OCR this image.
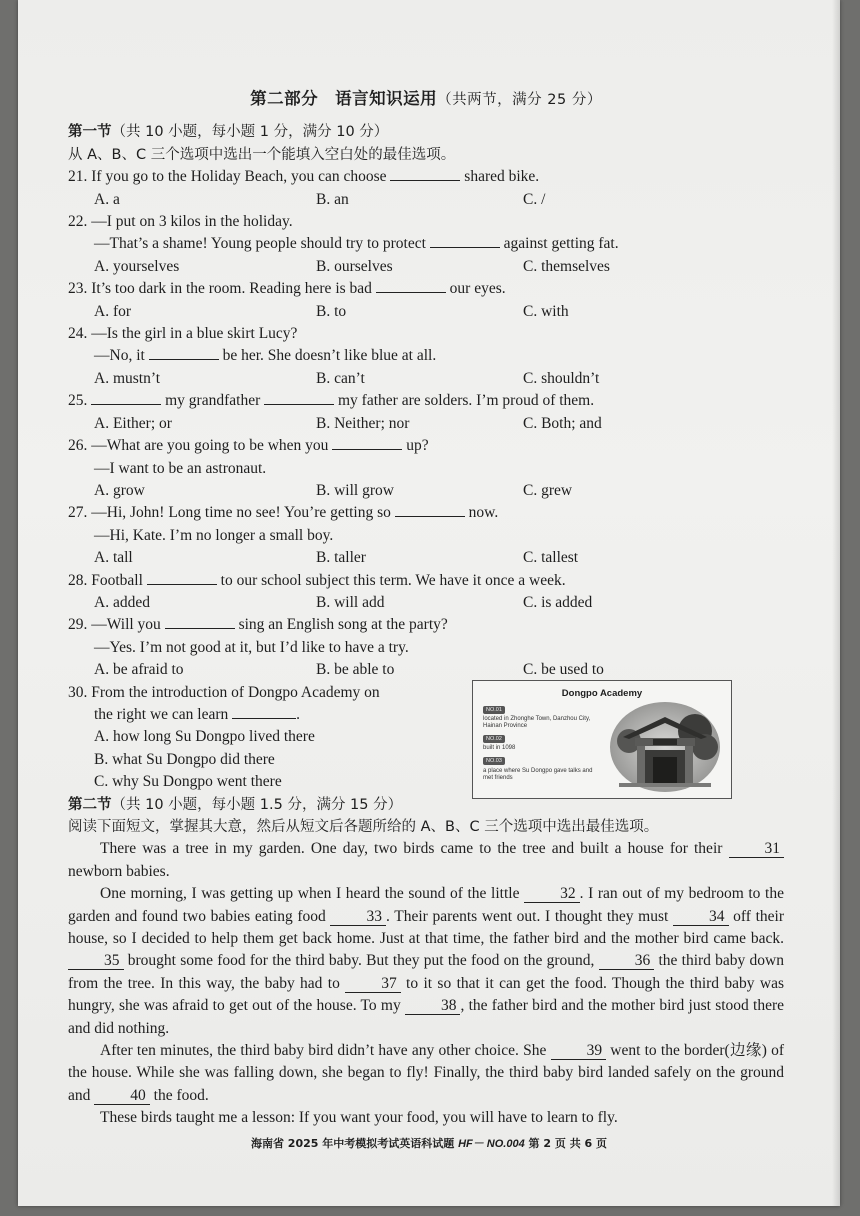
第二部分　语言知识运用（共两节，满分 25 分）
第一节（共 10 小题，每小题 1 分，满分 10 分）
从 A、B、C 三个选项中选出一个能填入空白处的最佳选项。
21. If you go to the Holiday Beach, you can choose	shared bike.
A. a	B. an	C. /
22. —I put on 3 kilos in the holiday.
—That’s a shame! Young people should try to protect	against getting fat.
A. yourselves	B. ourselves	C. themselves
23. It’s too dark in the room. Reading here is bad	our eyes.
A. for	B. to	C. with
24. —Is the girl in a blue skirt Lucy?
—No, it	be her. She doesn’t like blue at all.
A. mustn’t	B. can’t	C. shouldn’t
25.	my grandfather	my father are solders. I’m proud of them.
A. Either; or	B. Neither; nor	C. Both; and
26. —What are you going to be when you	up?
—I want to be an astronaut.
A. grow	B. will grow	C. grew
27. —Hi, John! Long time no see! You’re getting so	now.
—Hi, Kate. I’m no longer a small boy.
A. tall	B. taller	C. tallest
28. Football	to our school subject this term. We have it once a week.
A. added	B. will add	C. is added
29. —Will you	sing an English song at the party?
—Yes. I’m not good at it, but I’d like to have a try.
A. be afraid to	B. be able to	C. be used to
30. From the introduction of Dongpo Academy on
the right we can learn	.
A. how long Su Dongpo lived there
B. what Su Dongpo did there
C. why Su Dongpo went there
Dongpo Academy
NO.01
located in Zhonghe Town, Danzhou City, Hainan Province
NO.02
built in 1098
NO.03
a place where Su Dongpo gave talks and met friends
第二节（共 10 小题，每小题 1.5 分，满分 15 分）
阅读下面短文，掌握其大意，然后从短文后各题所给的 A、B、C 三个选项中选出最佳选项。
There was a tree in my garden. One day, two birds came to the tree and built a house for their 31 newborn babies.
One morning, I was getting up when I heard the sound of the little 32 . I ran out of my bedroom to the garden and found two babies eating food 33 . Their parents went out. I thought they must 34 off their house, so I decided to help them get back home. Just at that time, the father bird and the mother bird came back. 35 brought some food for the third baby. But they put the food on the ground, 36 the third baby down from the tree. In this way, the baby had to 37 to it so that it can get the food. Though the third baby was hungry, she was afraid to get out of the house. To my 38 , the father bird and the mother bird just stood there and did nothing.
After ten minutes, the third baby bird didn’t have any other choice. She 39 went to the border(边缘) of the house. While she was falling down, she began to fly! Finally, the third baby bird landed safely on the ground and 40 the food.
These birds taught me a lesson: If you want your food, you will have to learn to fly.
海南省 2025 年中考模拟考试英语科试题 HF－ NO.004 第 2 页 共 6 页
